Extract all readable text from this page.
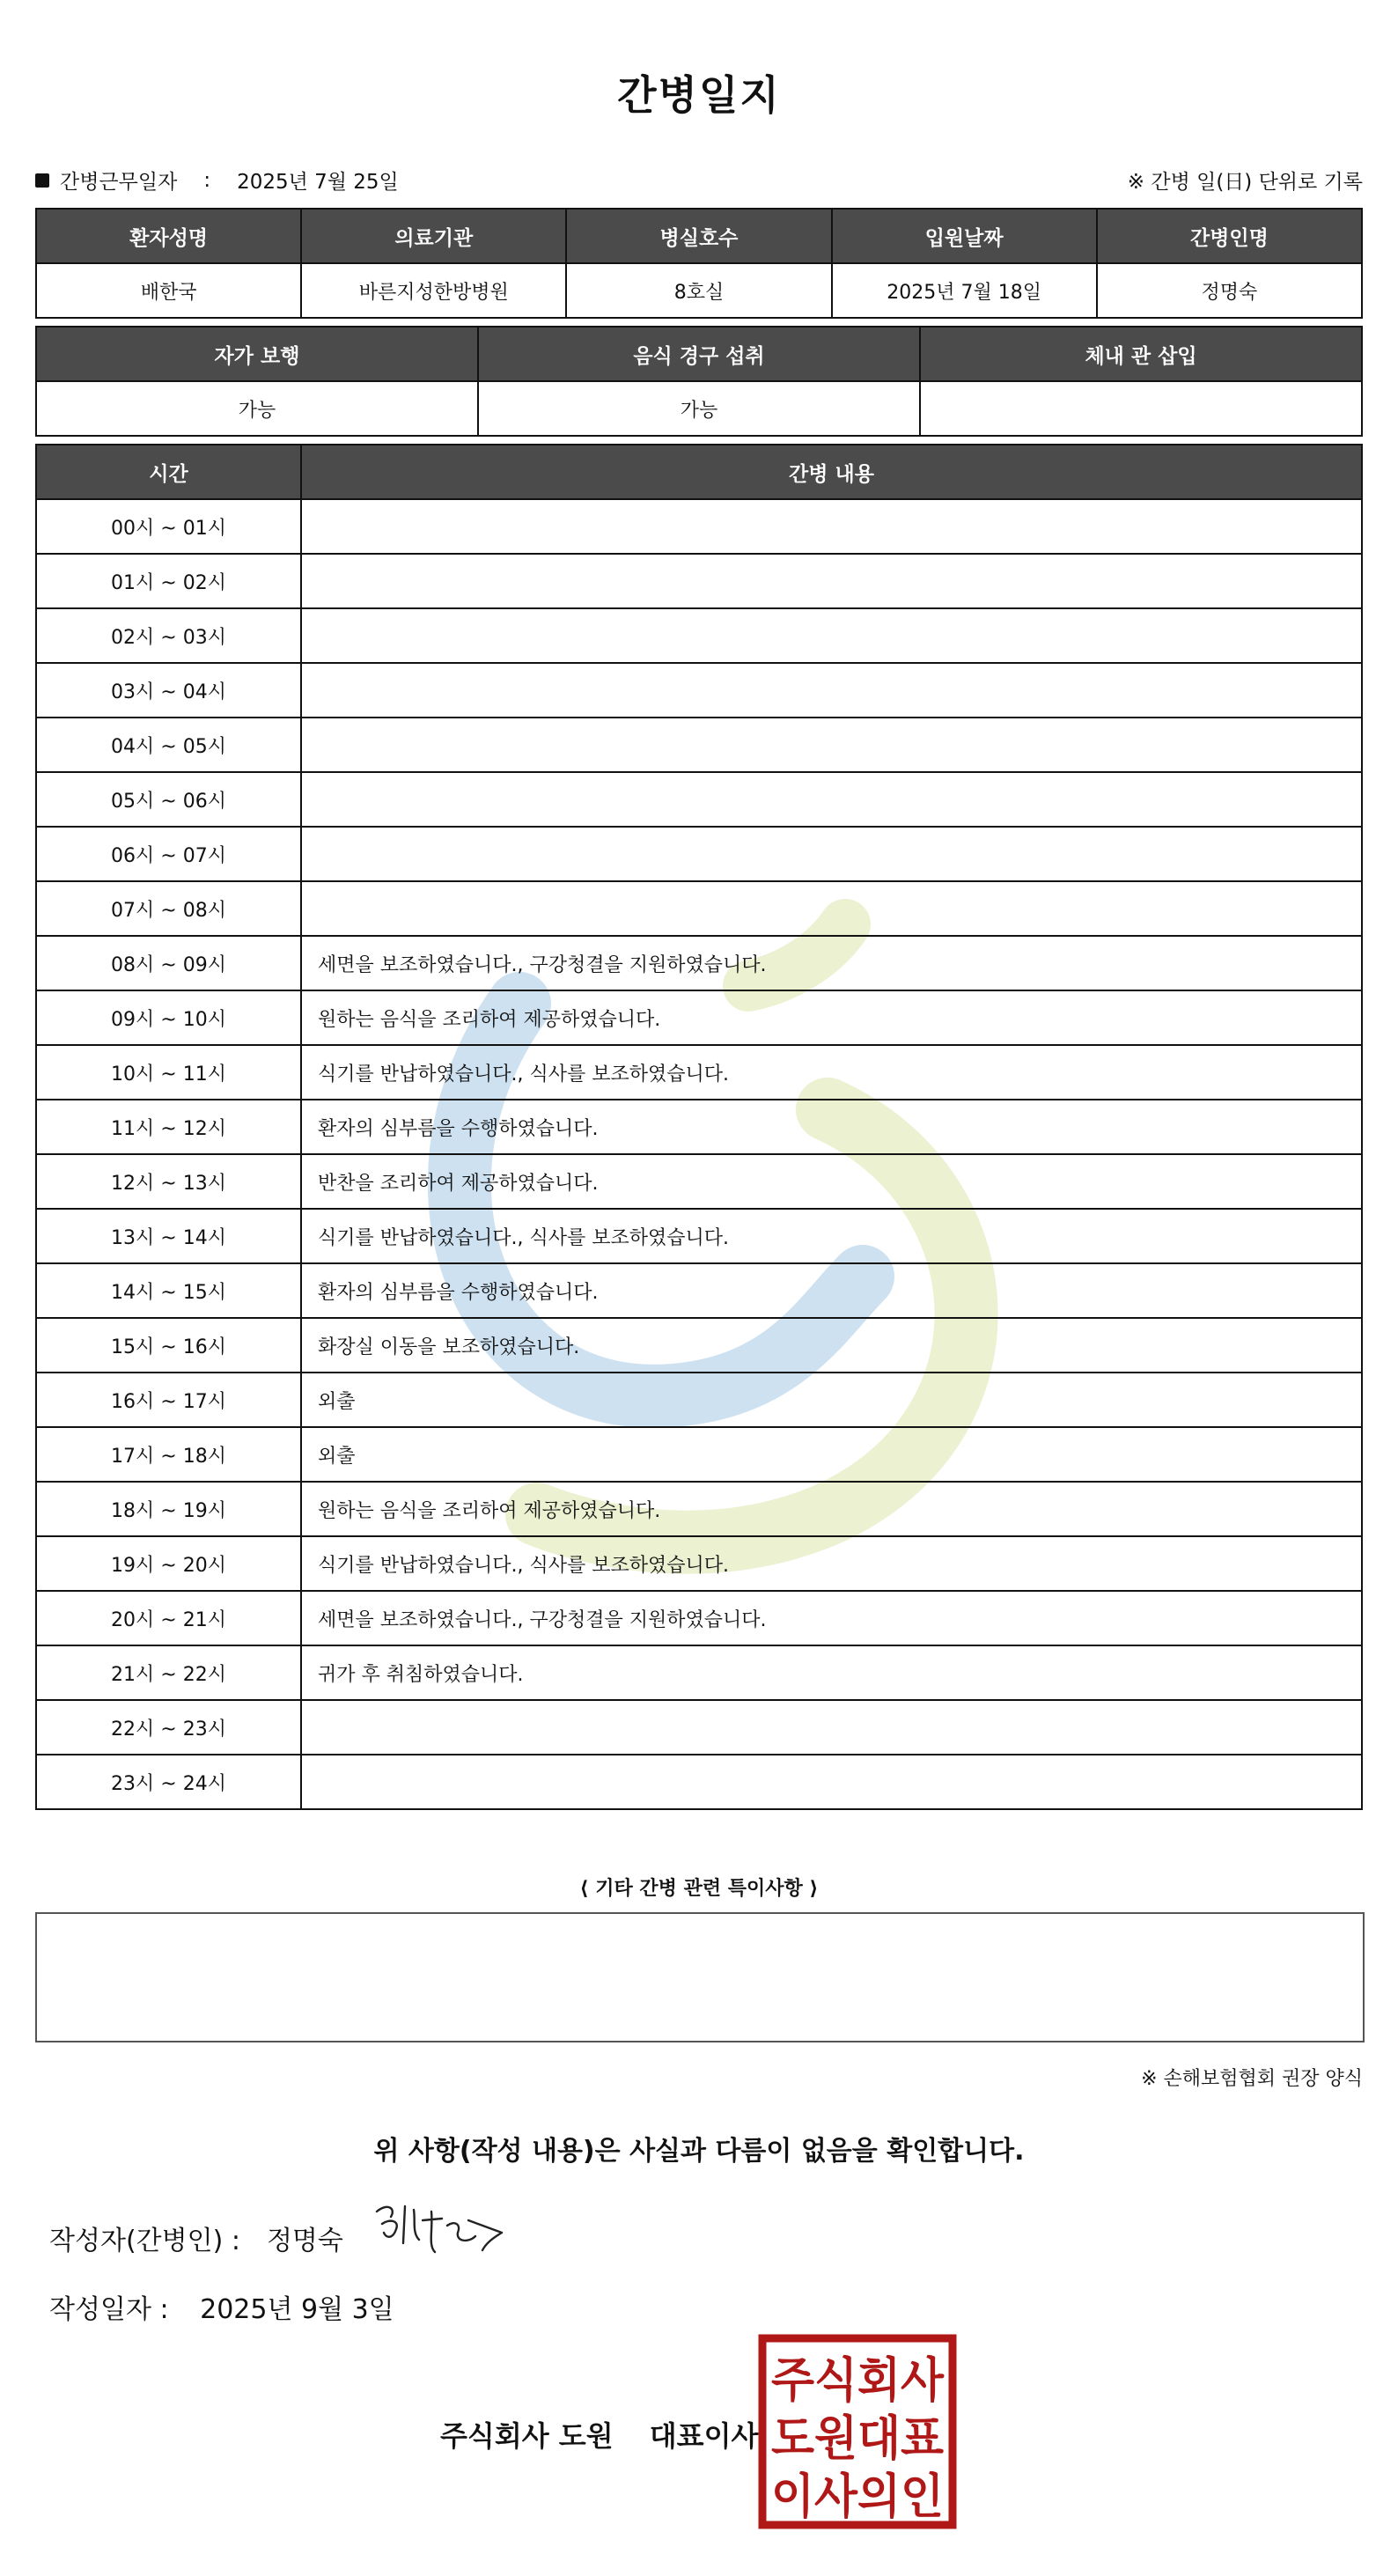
간병일지
간병근무일자 : 2025년 7월 25일	※ 간병 일(日) 단위로 기록
환자성명	의료기관	병실호수	입원날짜	간병인명
배한국	바른지성한방병원	8호실	2025년 7월 18일	정명숙
자가 보행	음식 경구 섭취	체내 관 삽입
가능	가능	
시간	간병 내용
00시 ~ 01시	
01시 ~ 02시	
02시 ~ 03시	
03시 ~ 04시	
04시 ~ 05시	
05시 ~ 06시	
06시 ~ 07시	
07시 ~ 08시	
08시 ~ 09시	세면을 보조하였습니다., 구강청결을 지원하였습니다.
09시 ~ 10시	원하는 음식을 조리하여 제공하였습니다.
10시 ~ 11시	식기를 반납하였습니다., 식사를 보조하였습니다.
11시 ~ 12시	환자의 심부름을 수행하였습니다.
12시 ~ 13시	반찬을 조리하여 제공하였습니다.
13시 ~ 14시	식기를 반납하였습니다., 식사를 보조하였습니다.
14시 ~ 15시	환자의 심부름을 수행하였습니다.
15시 ~ 16시	화장실 이동을 보조하였습니다.
16시 ~ 17시	외출
17시 ~ 18시	외출
18시 ~ 19시	원하는 음식을 조리하여 제공하였습니다.
19시 ~ 20시	식기를 반납하였습니다., 식사를 보조하였습니다.
20시 ~ 21시	세면을 보조하였습니다., 구강청결을 지원하였습니다.
21시 ~ 22시	귀가 후 취침하였습니다.
22시 ~ 23시	
23시 ~ 24시	
⟨ 기타 간병 관련 특이사항 ⟩
※ 손해보험협회 권장 양식
위 사항(작성 내용)은 사실과 다름이 없음을 확인합니다.
작성자(간병인) : 정명숙
작성일자 : 2025년 9월 3일
주식회사 도원 대표이사
주식회사
도원대표
이사의인
